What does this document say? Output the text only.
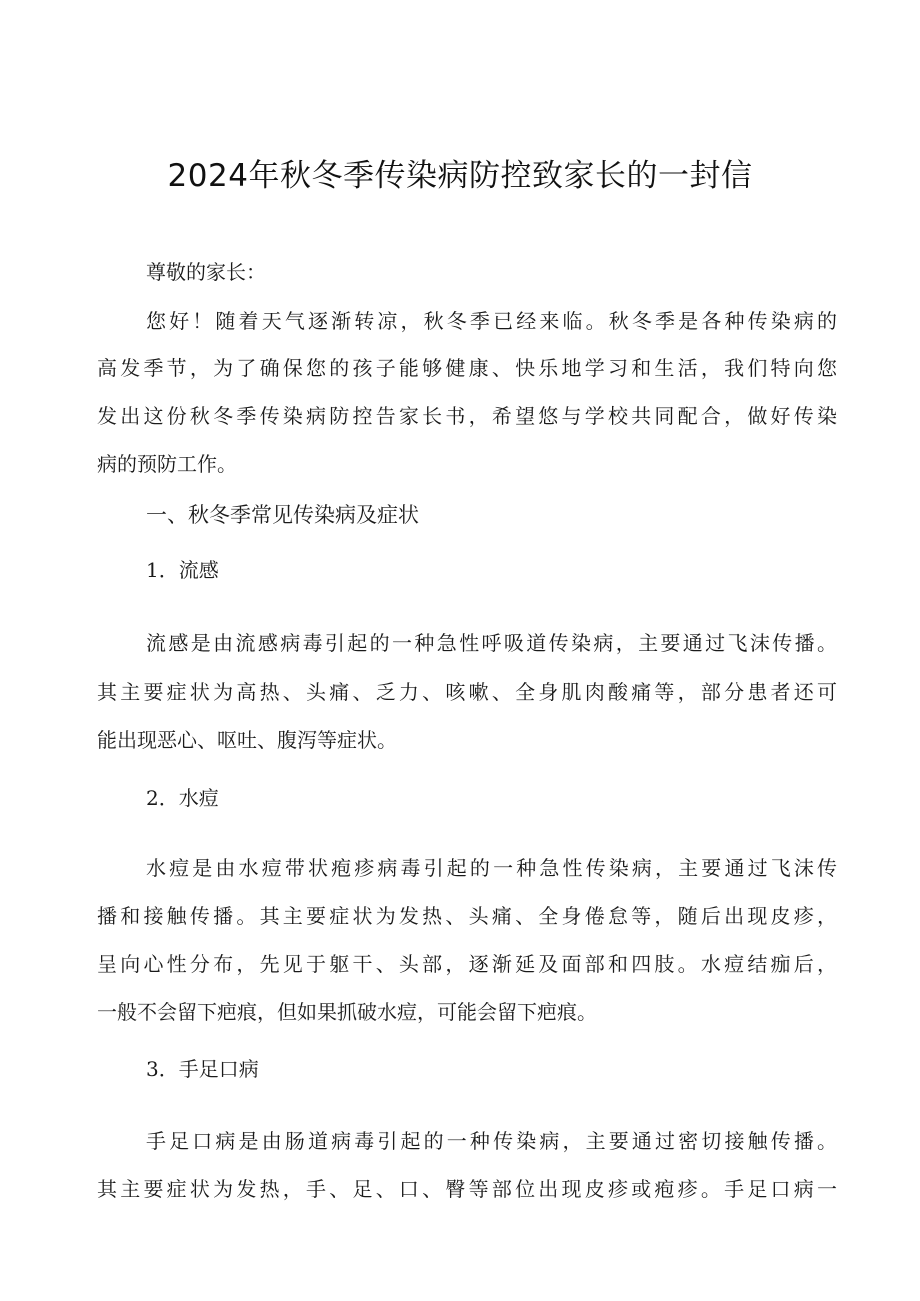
2024年秋冬季传染病防控致家长的一封信
尊敬的家长：
您好！随着天气逐渐转凉，秋冬季已经来临。秋冬季是各种传染病的
高发季节，为了确保您的孩子能够健康、快乐地学习和生活，我们特向您
发出这份秋冬季传染病防控告家长书，希望悠与学校共同配合，做好传染
病的预防工作。
一、秋冬季常见传染病及症状
1．流感
流感是由流感病毒引起的一种急性呼吸道传染病，主要通过飞沫传播。
其主要症状为高热、头痛、乏力、咳嗽、全身肌肉酸痛等，部分患者还可
能出现恶心、呕吐、腹泻等症状。
2．水痘
水痘是由水痘带状疱疹病毒引起的一种急性传染病，主要通过飞沫传
播和接触传播。其主要症状为发热、头痛、全身倦怠等，随后出现皮疹，
呈向心性分布，先见于躯干、头部，逐渐延及面部和四肢。水痘结痂后，
一般不会留下疤痕，但如果抓破水痘，可能会留下疤痕。
3．手足口病
手足口病是由肠道病毒引起的一种传染病，主要通过密切接触传播。
其主要症状为发热，手、足、口、臀等部位出现皮疹或疱疹。手足口病一
